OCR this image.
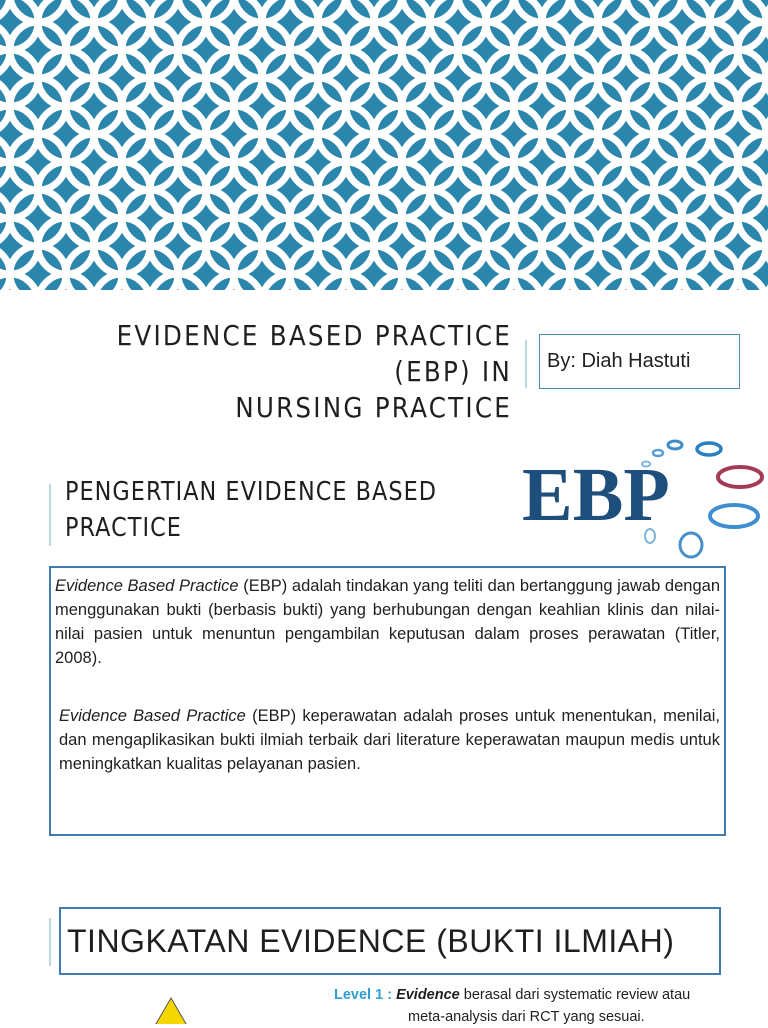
EVIDENCE BASED PRACTICE (EBP) IN
NURSING PRACTICE
By: Diah Hastuti
PENGERTIAN EVIDENCE BASED
PRACTICE	EBP

Evidence Based Practice (EBP) adalah tindakan yang teliti dan bertanggung jawab dengan menggunakan bukti (berbasis bukti) yang berhubungan dengan keahlian klinis dan nilai-nilai pasien untuk menuntun pengambilan keputusan dalam proses perawatan (Titler, 2008).

Evidence Based Practice (EBP) keperawatan adalah proses untuk menentukan, menilai, dan mengaplikasikan bukti ilmiah terbaik dari literature keperawatan maupun medis untuk meningkatkan kualitas pelayanan pasien.

TINGKATAN EVIDENCE (BUKTI ILMIAH)
Level 1 : Evidence berasal dari systematic review atau
meta-analysis dari RCT yang sesuai.
